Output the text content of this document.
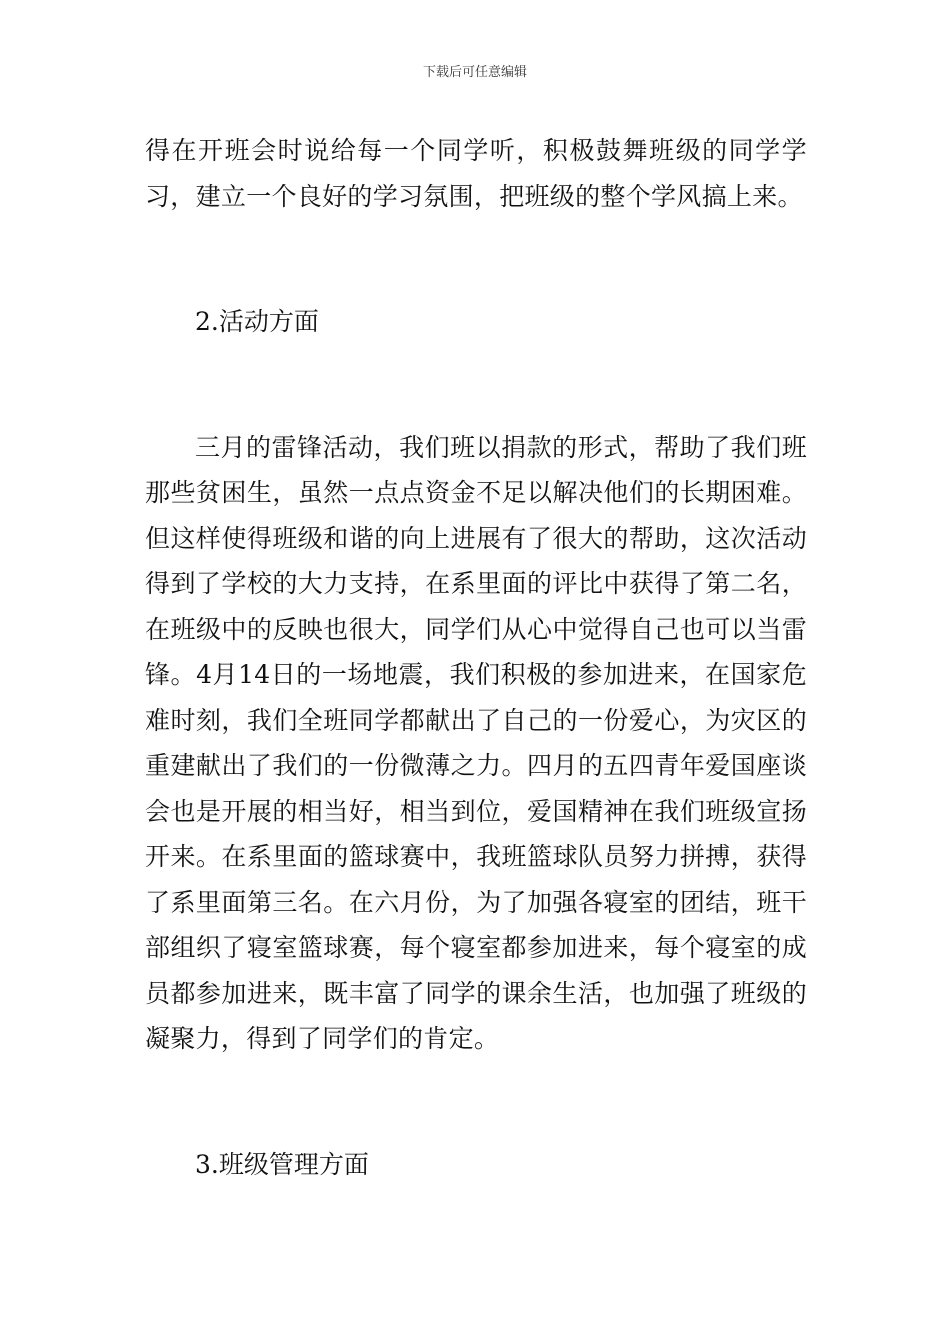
下载后可任意编辑

得在开班会时说给每一个同学听，积极鼓舞班级的同学学习，建立一个良好的学习氛围，把班级的整个学风搞上来。

2.活动方面

三月的雷锋活动，我们班以捐款的形式，帮助了我们班那些贫困生，虽然一点点资金不足以解决他们的长期困难。但这样使得班级和谐的向上进展有了很大的帮助，这次活动得到了学校的大力支持，在系里面的评比中获得了第二名，在班级中的反映也很大，同学们从心中觉得自己也可以当雷锋。4月14日的一场地震，我们积极的参加进来，在国家危难时刻，我们全班同学都献出了自己的一份爱心，为灾区的重建献出了我们的一份微薄之力。四月的五四青年爱国座谈会也是开展的相当好，相当到位，爱国精神在我们班级宣扬开来。在系里面的篮球赛中，我班篮球队员努力拼搏，获得了系里面第三名。在六月份，为了加强各寝室的团结，班干部组织了寝室篮球赛，每个寝室都参加进来，每个寝室的成员都参加进来，既丰富了同学的课余生活，也加强了班级的凝聚力，得到了同学们的肯定。

3.班级管理方面
